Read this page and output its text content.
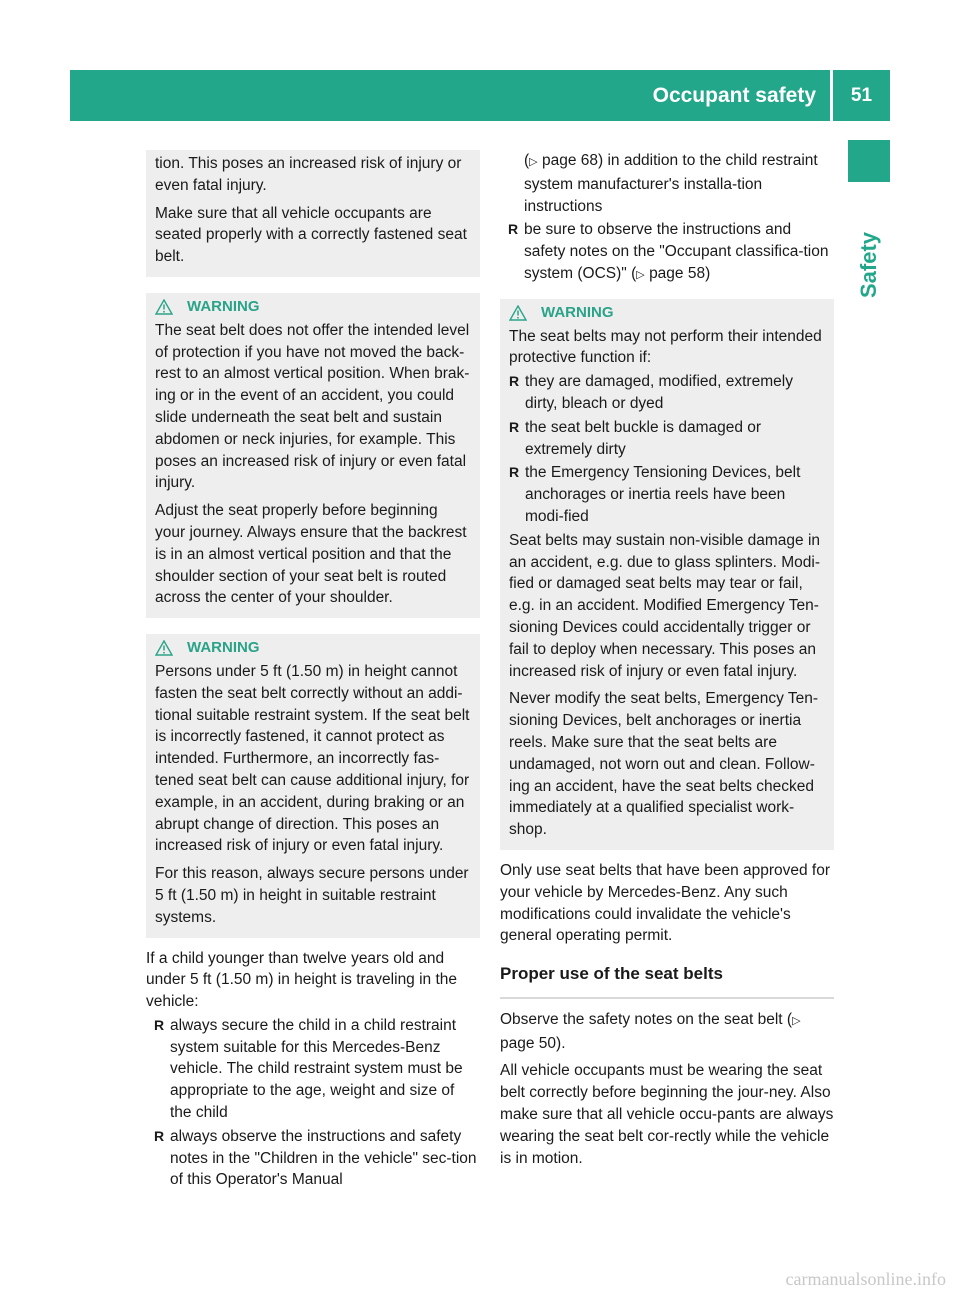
Occupant safety	51
Safety

tion. This poses an increased risk of injury or even fatal injury.

Make sure that all vehicle occupants are seated properly with a correctly fastened seat belt.

WARNING

The seat belt does not offer the intended level of protection if you have not moved the back-rest to an almost vertical position. When brak-ing or in the event of an accident, you could slide underneath the seat belt and sustain abdomen or neck injuries, for example. This poses an increased risk of injury or even fatal injury.

Adjust the seat properly before beginning your journey. Always ensure that the backrest is in an almost vertical position and that the shoulder section of your seat belt is routed across the center of your shoulder.

WARNING

Persons under 5 ft (1.50 m) in height cannot fasten the seat belt correctly without an addi-tional suitable restraint system. If the seat belt is incorrectly fastened, it cannot protect as intended. Furthermore, an incorrectly fas-tened seat belt can cause additional injury, for example, in an accident, during braking or an abrupt change of direction. This poses an increased risk of injury or even fatal injury.

For this reason, always secure persons under 5 ft (1.50 m) in height in suitable restraint systems.

If a child younger than twelve years old and under 5 ft (1.50 m) in height is traveling in the vehicle:

R always secure the child in a child restraint system suitable for this Mercedes-Benz vehicle. The child restraint system must be appropriate to the age, weight and size of the child
R always observe the instructions and safety notes in the "Children in the vehicle" sec-tion of this Operator's Manual

(▷ page 68) in addition to the child restraint system manufacturer's installa-tion instructions

R be sure to observe the instructions and safety notes on the "Occupant classifica-tion system (OCS)" (▷ page 58)
WARNING

The seat belts may not perform their intended protective function if:

R they are damaged, modified, extremely dirty, bleach or dyed
R the seat belt buckle is damaged or extremely dirty
R the Emergency Tensioning Devices, belt anchorages or inertia reels have been modi-fied

Seat belts may sustain non-visible damage in an accident, e.g. due to glass splinters. Modi-fied or damaged seat belts may tear or fail, e.g. in an accident. Modified Emergency Ten-sioning Devices could accidentally trigger or fail to deploy when necessary. This poses an increased risk of injury or even fatal injury.

Never modify the seat belts, Emergency Ten-sioning Devices, belt anchorages or inertia reels. Make sure that the seat belts are undamaged, not worn out and clean. Follow-ing an accident, have the seat belts checked immediately at a qualified specialist work-shop.

Only use seat belts that have been approved for your vehicle by Mercedes-Benz. Any such modifications could invalidate the vehicle's general operating permit.

Proper use of the seat belts

Observe the safety notes on the seat belt (▷ page 50).

All vehicle occupants must be wearing the seat belt correctly before beginning the jour-ney. Also make sure that all vehicle occu-pants are always wearing the seat belt cor-rectly while the vehicle is in motion.

carmanualsonline.info
